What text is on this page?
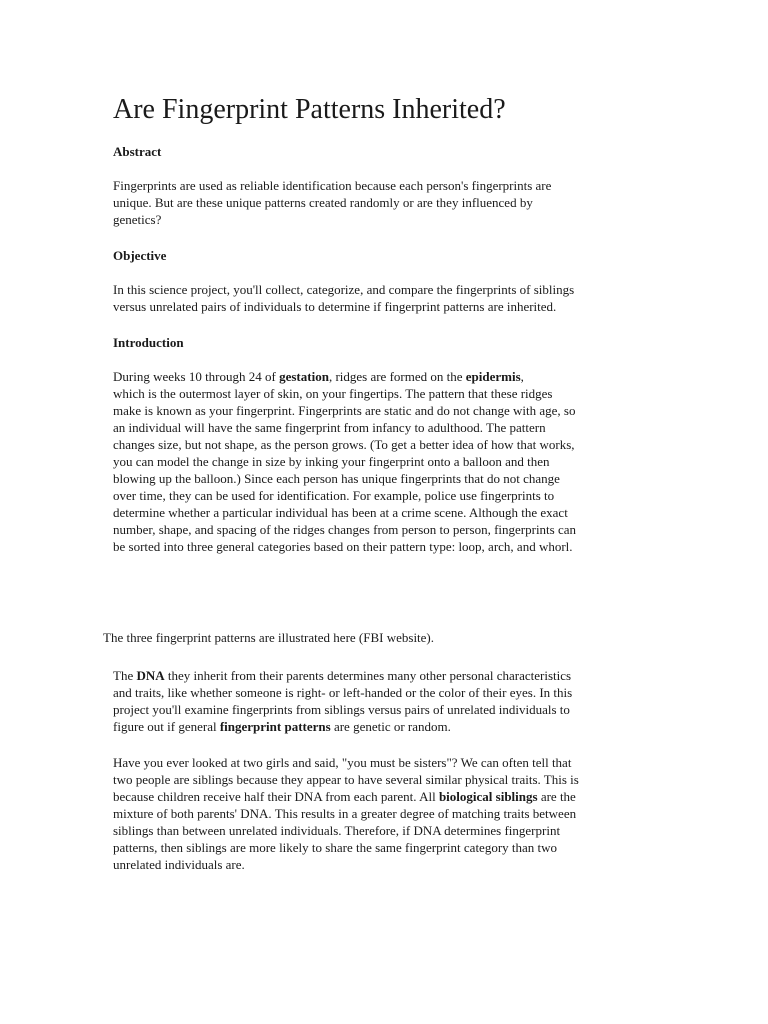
Are Fingerprint Patterns Inherited?
Abstract
Fingerprints are used as reliable identification because each person's fingerprints are
unique. But are these unique patterns created randomly or are they influenced by
genetics?
Objective
In this science project, you'll collect, categorize, and compare the fingerprints of siblings
versus unrelated pairs of individuals to determine if fingerprint patterns are inherited.
Introduction
During weeks 10 through 24 of gestation, ridges are formed on the epidermis,
which is the outermost layer of skin, on your fingertips. The pattern that these ridges
make is known as your fingerprint. Fingerprints are static and do not change with age, so
an individual will have the same fingerprint from infancy to adulthood. The pattern
changes size, but not shape, as the person grows. (To get a better idea of how that works,
you can model the change in size by inking your fingerprint onto a balloon and then
blowing up the balloon.) Since each person has unique fingerprints that do not change
over time, they can be used for identification. For example, police use fingerprints to
determine whether a particular individual has been at a crime scene. Although the exact
number, shape, and spacing of the ridges changes from person to person, fingerprints can
be sorted into three general categories based on their pattern type: loop, arch, and whorl.
The three fingerprint patterns are illustrated here (FBI website).
The DNA they inherit from their parents determines many other personal characteristics
and traits, like whether someone is right- or left-handed or the color of their eyes. In this
project you'll examine fingerprints from siblings versus pairs of unrelated individuals to
figure out if general fingerprint patterns are genetic or random.
Have you ever looked at two girls and said, "you must be sisters"? We can often tell that
two people are siblings because they appear to have several similar physical traits. This is
because children receive half their DNA from each parent. All biological siblings are the
mixture of both parents' DNA. This results in a greater degree of matching traits between
siblings than between unrelated individuals. Therefore, if DNA determines fingerprint
patterns, then siblings are more likely to share the same fingerprint category than two
unrelated individuals are.
